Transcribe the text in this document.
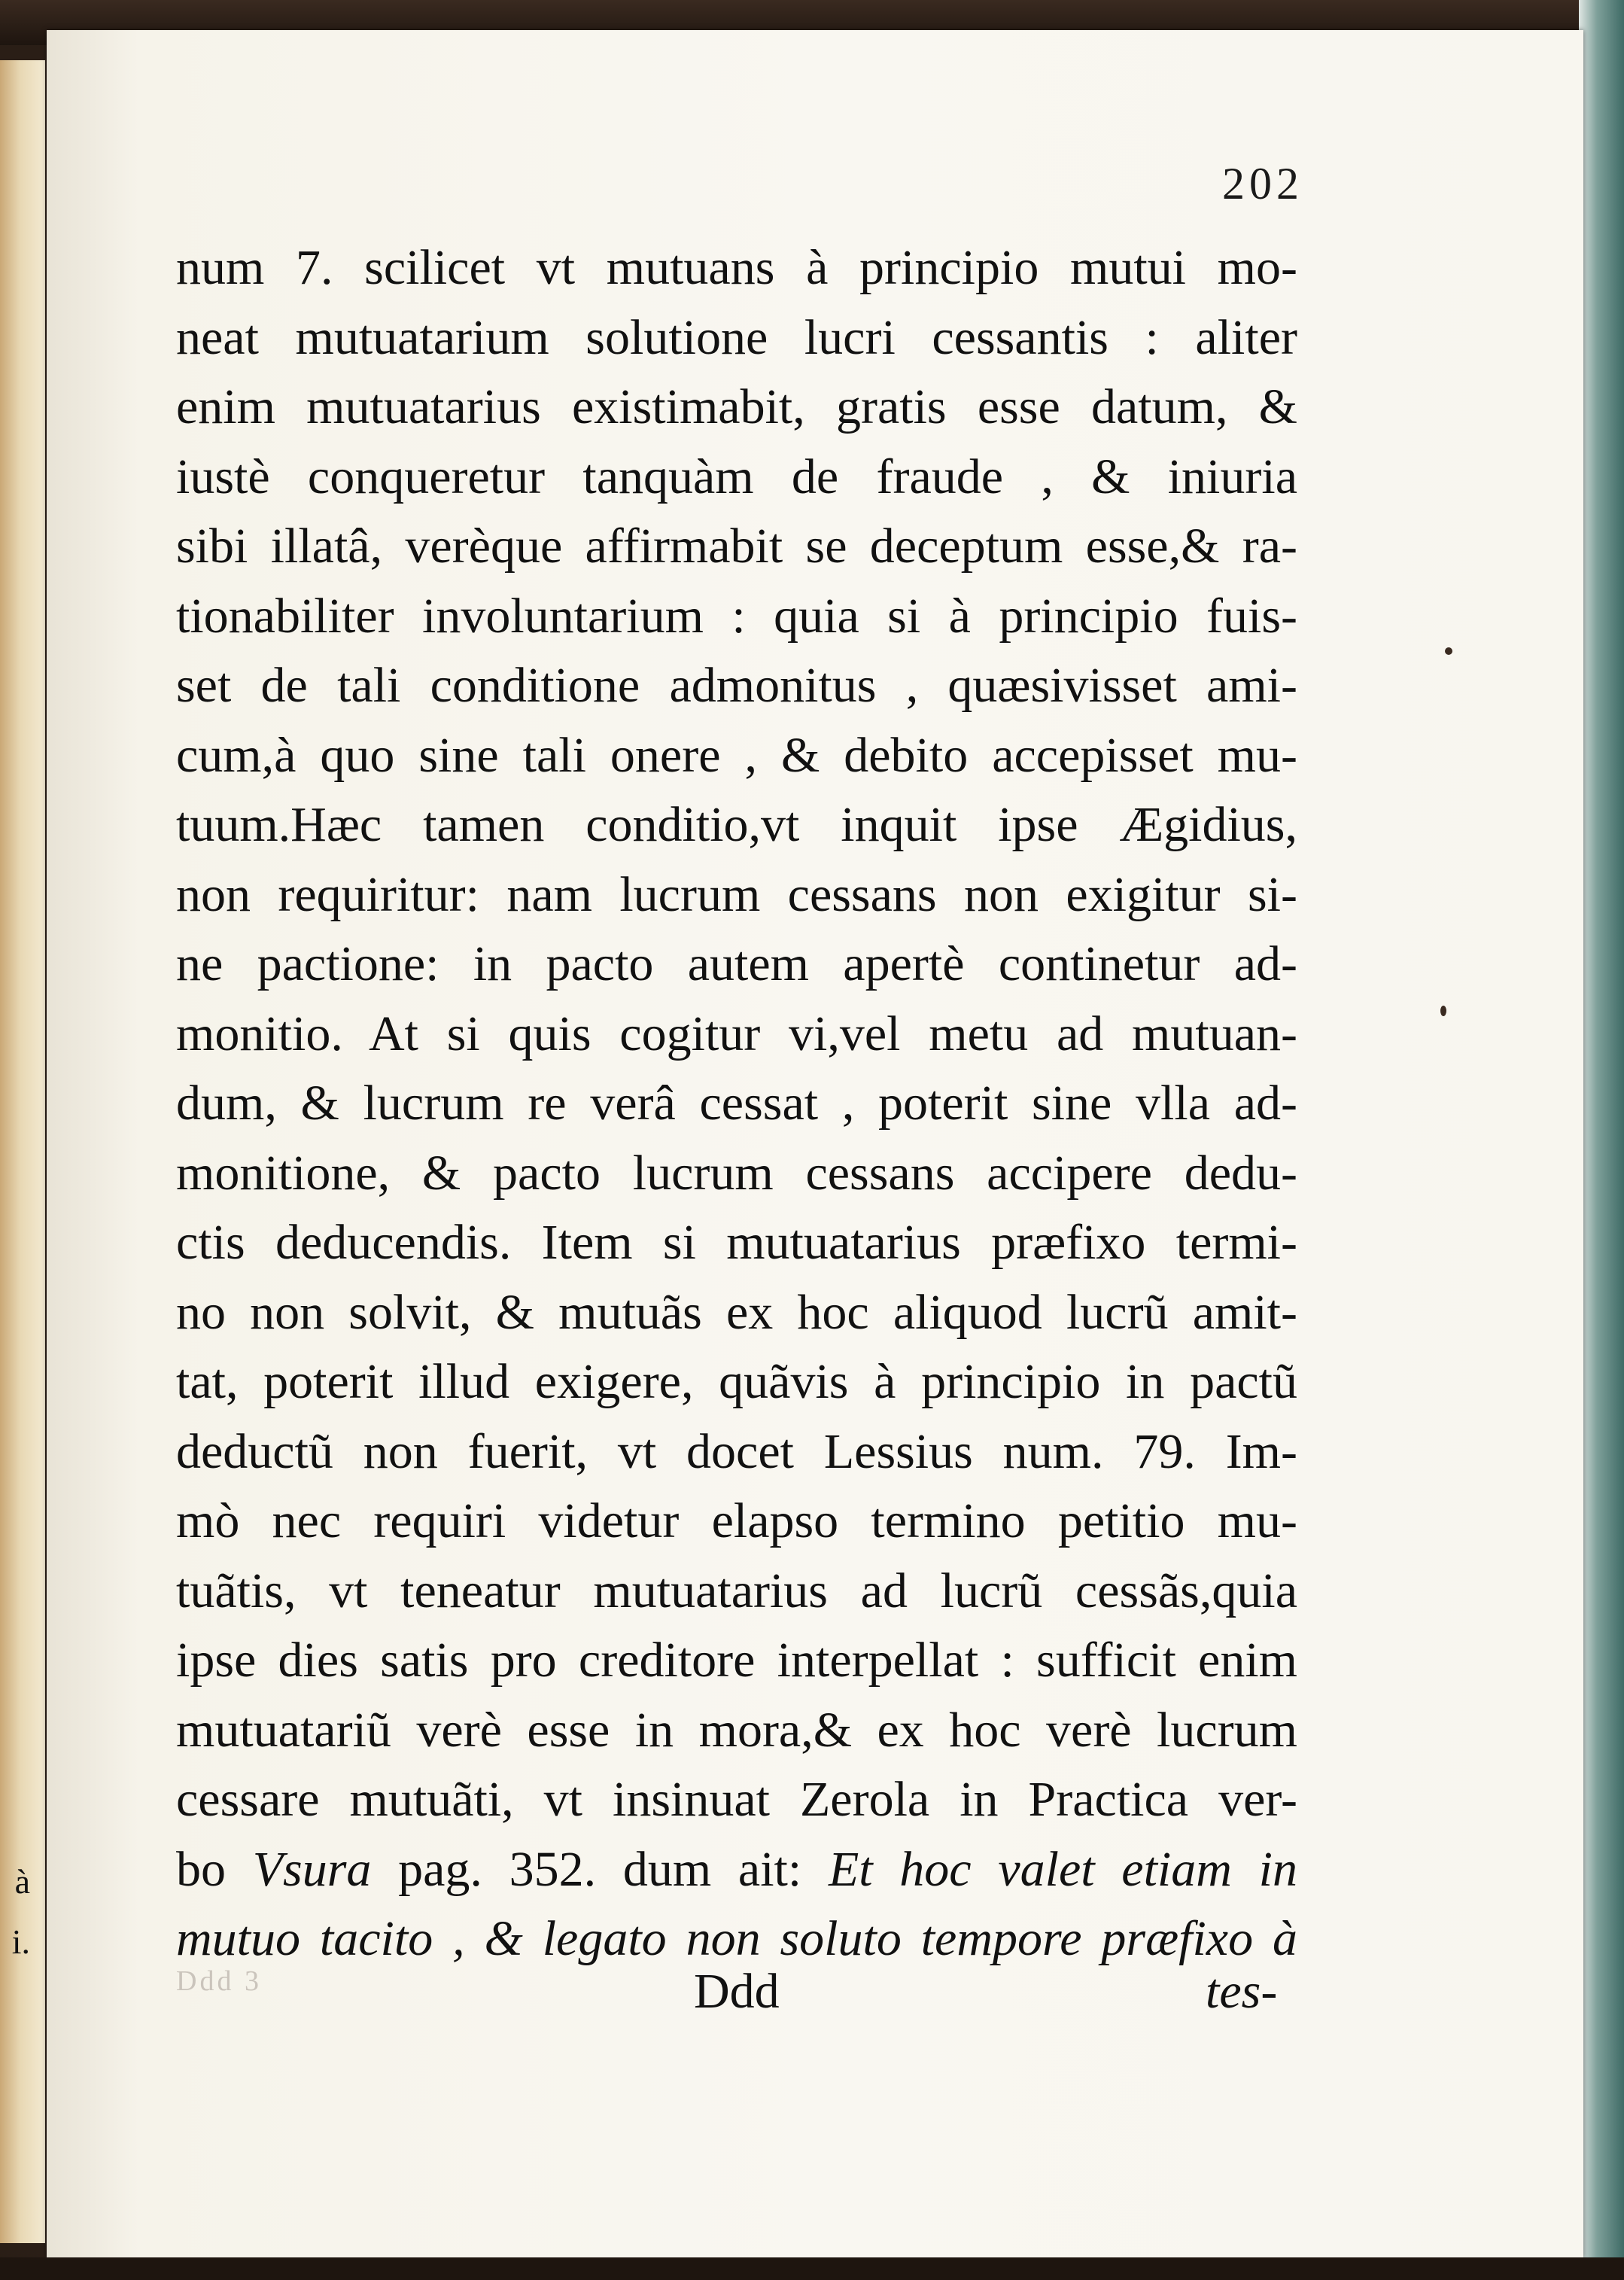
à
i.
202
num 7. scilicet vt mutuans à principio mutui mo-
neat mutuatarium solutione lucri cessantis : aliter
enim mutuatarius existimabit, gratis esse datum, &
iustè conqueretur tanquàm de fraude , & iniuria
sibi illatâ, verèque affirmabit se deceptum esse,& ra-
tionabiliter involuntarium : quia si à principio fuis-
set de tali conditione admonitus , quæsivisset ami-
cum,à quo sine tali onere , & debito accepisset mu-
tuum.Hæc tamen conditio,vt inquit ipse Ægidius,
non requiritur: nam lucrum cessans non exigitur si-
ne pactione: in pacto autem apertè continetur ad-
monitio. At si quis cogitur vi,vel metu ad mutuan-
dum, & lucrum re verâ cessat , poterit sine vlla ad-
monitione, & pacto lucrum cessans accipere dedu-
ctis deducendis. Item si mutuatarius præfixo termi-
no non solvit, & mutuãs ex hoc aliquod lucrũ amit-
tat, poterit illud exigere, quãvis à principio in pactũ
deductũ non fuerit, vt docet Lessius num. 79. Im-
mò nec requiri videtur elapso termino petitio mu-
tuãtis, vt teneatur mutuatarius ad lucrũ cessãs,quia
ipse dies satis pro creditore interpellat : sufficit enim
mutuatariũ verè esse in mora,& ex hoc verè lucrum
cessare mutuãti, vt insinuat Zerola in Practica ver-
bo Vsura pag. 352. dum ait: Et hoc valet etiam in
mutuo tacito , & legato non soluto tempore præfixo à
Ddd 3	Ddd	tes-
